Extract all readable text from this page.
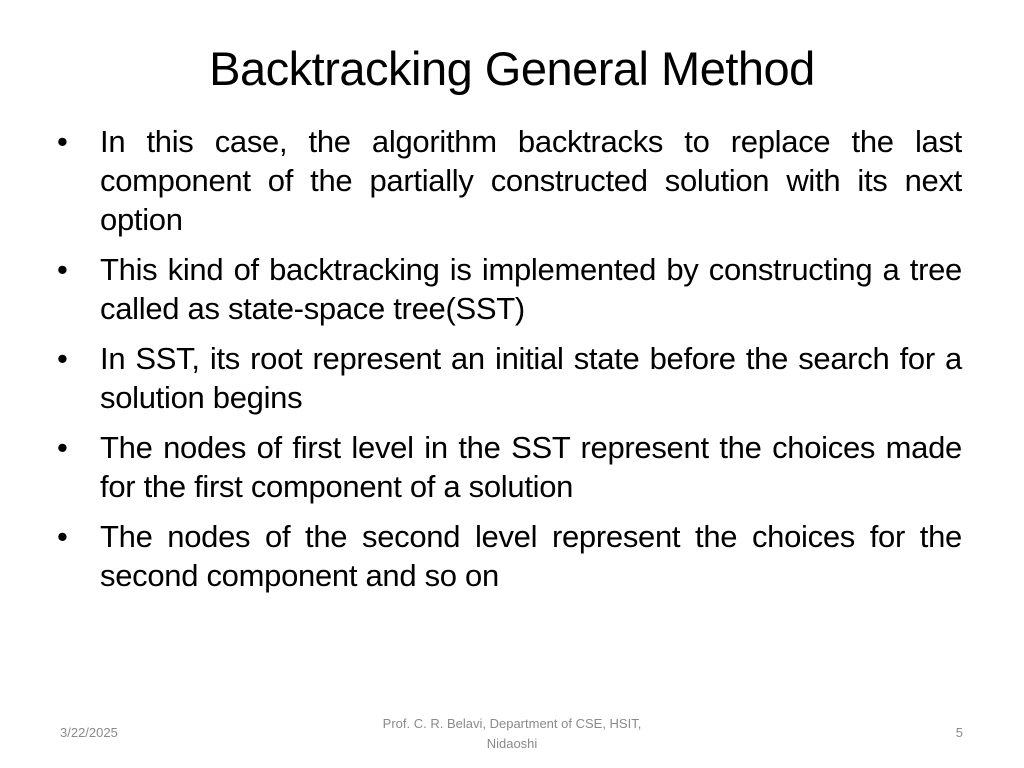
Backtracking General Method
• In this case, the algorithm backtracks to replace the last component of the partially constructed solution with its next option
• This kind of backtracking is implemented by constructing a tree called as state-space tree(SST)
• In SST, its root represent an initial state before the search for a solution begins
• The nodes of first level in the SST represent the choices made for the first component of a solution
• The nodes of the second level represent the choices for the second component and so on
3/22/2025
Prof. C. R. Belavi, Department of CSE, HSIT,
Nidaoshi
5
